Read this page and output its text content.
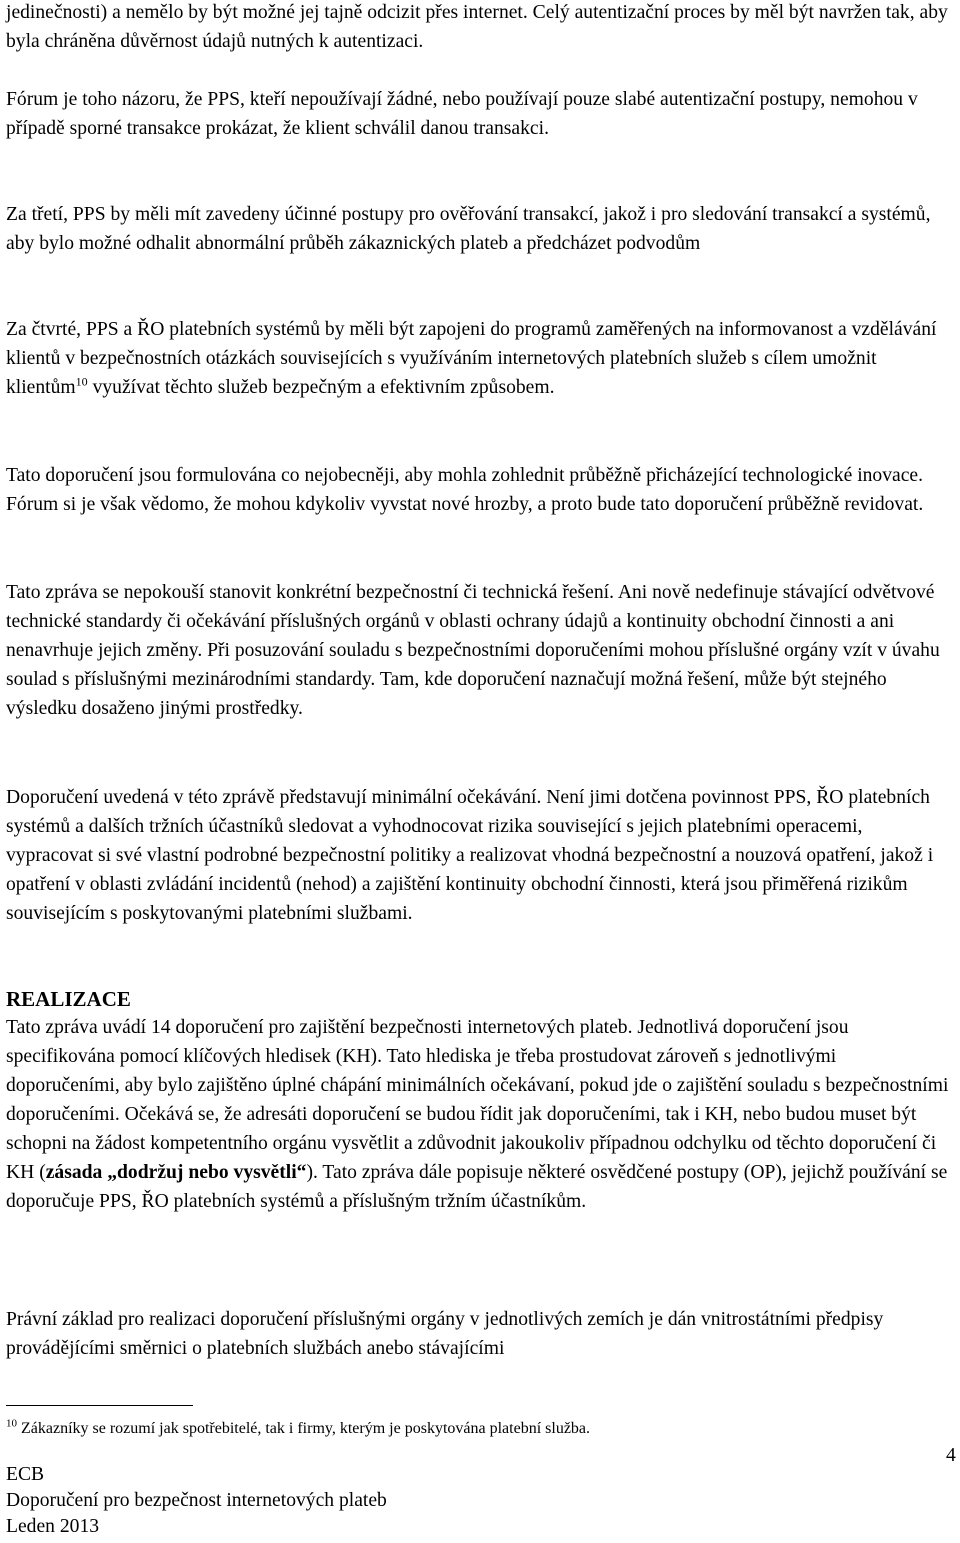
jedinečnosti) a nemělo by být možné jej tajně odcizit přes internet. Celý autentizační proces by měl být navržen tak, aby byla chráněna důvěrnost údajů nutných k autentizaci.

Fórum je toho názoru, že PPS, kteří nepoužívají žádné, nebo používají pouze slabé autentizační postupy, nemohou v případě sporné transakce prokázat, že klient schválil danou transakci.

Za třetí, PPS by měli mít zavedeny účinné postupy pro ověřování transakcí, jakož i pro sledování transakcí a systémů, aby bylo možné odhalit abnormální průběh zákaznických plateb a předcházet podvodům

Za čtvrté, PPS a ŘO platebních systémů by měli být zapojeni do programů zaměřených na informovanost a vzdělávání klientů v bezpečnostních otázkách souvisejících s využíváním internetových platebních služeb s cílem umožnit klientům$^{10}$ využívat těchto služeb bezpečným a efektivním způsobem.

Tato doporučení jsou formulována co nejobecněji, aby mohla zohlednit průběžně přicházející technologické inovace. Fórum si je však vědomo, že mohou kdykoliv vyvstat nové hrozby, a proto bude tato doporučení průběžně revidovat.

Tato zpráva se nepokouší stanovit konkrétní bezpečnostní či technická řešení. Ani nově nedefinuje stávající odvětvové technické standardy či očekávání příslušných orgánů v oblasti ochrany údajů a kontinuity obchodní činnosti a ani nenavrhuje jejich změny. Při posuzování souladu s bezpečnostními doporučeními mohou příslušné orgány vzít v úvahu soulad s příslušnými mezinárodními standardy. Tam, kde doporučení naznačují možná řešení, může být stejného výsledku dosaženo jinými prostředky.

Doporučení uvedená v této zprávě představují minimální očekávání. Není jimi dotčena povinnost PPS, ŘO platebních systémů a dalších tržních účastníků sledovat a vyhodnocovat rizika související s jejich platebními operacemi, vypracovat si své vlastní podrobné bezpečnostní politiky a realizovat vhodná bezpečnostní a nouzová opatření, jakož i opatření v oblasti zvládání incidentů (nehod) a zajištění kontinuity obchodní činnosti, která jsou přiměřená rizikům souvisejícím s poskytovanými platebními službami.

REALIZACE

Tato zpráva uvádí 14 doporučení pro zajištění bezpečnosti internetových plateb. Jednotlivá doporučení jsou specifikována pomocí klíčových hledisek (KH). Tato hlediska je třeba prostudovat zároveň s jednotlivými doporučeními, aby bylo zajištěno úplné chápání minimálních očekávaní, pokud jde o zajištění souladu s bezpečnostními doporučeními. Očekává se, že adresáti doporučení se budou řídit jak doporučeními, tak i KH, nebo budou muset být schopni na žádost kompetentního orgánu vysvětlit a zdůvodnit jakoukoliv případnou odchylku od těchto doporučení či KH (zásada „dodržuj nebo vysvětli“). Tato zpráva dále popisuje některé osvědčené postupy (OP), jejichž používání se doporučuje PPS, ŘO platebních systémů a příslušným tržním účastníkům.

Právní základ pro realizaci doporučení příslušnými orgány v jednotlivých zemích je dán vnitrostátními předpisy provádějícími směrnici o platebních službách anebo stávajícími

$^{10}$ Zákazníky se rozumí jak spotřebitelé, tak i firmy, kterým je poskytována platební služba.

4

ECB
Doporučení pro bezpečnost internetových plateb
Leden 2013
